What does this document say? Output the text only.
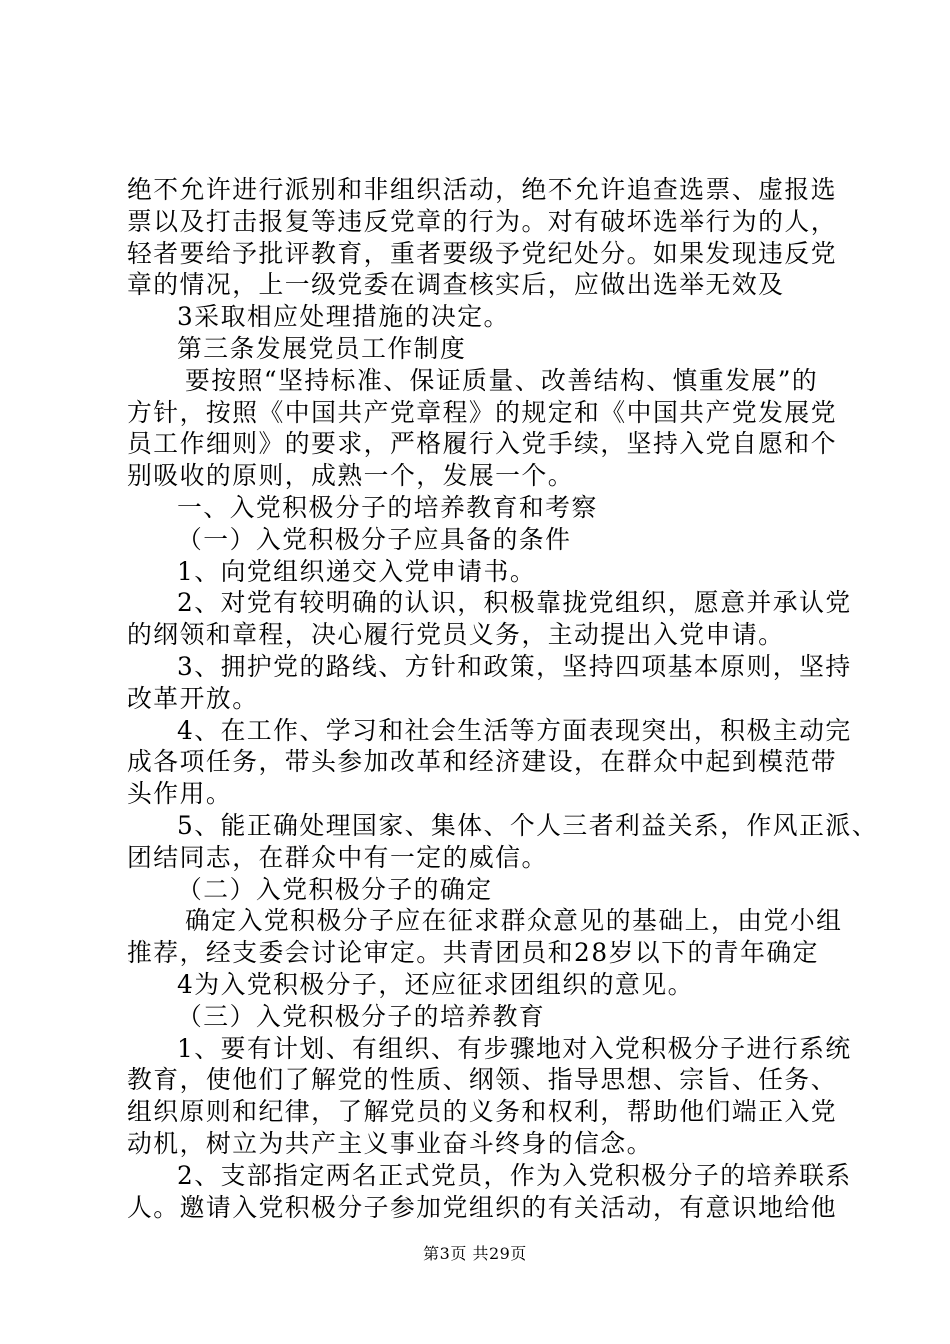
绝不允许进行派别和非组织活动，绝不允许追查选票、虚报选

票以及打击报复等违反党章的行为。对有破坏选举行为的人，

轻者要给予批评教育，重者要级予党纪处分。如果发现违反党

章的情况，上一级党委在调查核实后，应做出选举无效及

3采取相应处理措施的决定。

第三条发展党员工作制度

要按照“坚持标准、保证质量、改善结构、慎重发展”的

方针，按照《中国共产党章程》的规定和《中国共产党发展党

员工作细则》的要求，严格履行入党手续，坚持入党自愿和个

别吸收的原则，成熟一个，发展一个。

一、入党积极分子的培养教育和考察

（一）入党积极分子应具备的条件

1、向党组织递交入党申请书。

2、对党有较明确的认识，积极靠拢党组织，愿意并承认党

的纲领和章程，决心履行党员义务，主动提出入党申请。

3、拥护党的路线、方针和政策，坚持四项基本原则，坚持

改革开放。

4、在工作、学习和社会生活等方面表现突出，积极主动完

成各项任务，带头参加改革和经济建设，在群众中起到模范带

头作用。

5、能正确处理国家、集体、个人三者利益关系，作风正派、

团结同志，在群众中有一定的威信。

（二）入党积极分子的确定

确定入党积极分子应在征求群众意见的基础上，由党小组

推荐，经支委会讨论审定。共青团员和28岁以下的青年确定

4为入党积极分子，还应征求团组织的意见。

（三）入党积极分子的培养教育

1、要有计划、有组织、有步骤地对入党积极分子进行系统

教育，使他们了解党的性质、纲领、指导思想、宗旨、任务、

组织原则和纪律，了解党员的义务和权利，帮助他们端正入党

动机，树立为共产主义事业奋斗终身的信念。

2、支部指定两名正式党员，作为入党积极分子的培养联系

人。邀请入党积极分子参加党组织的有关活动，有意识地给他

第3页 共29页
